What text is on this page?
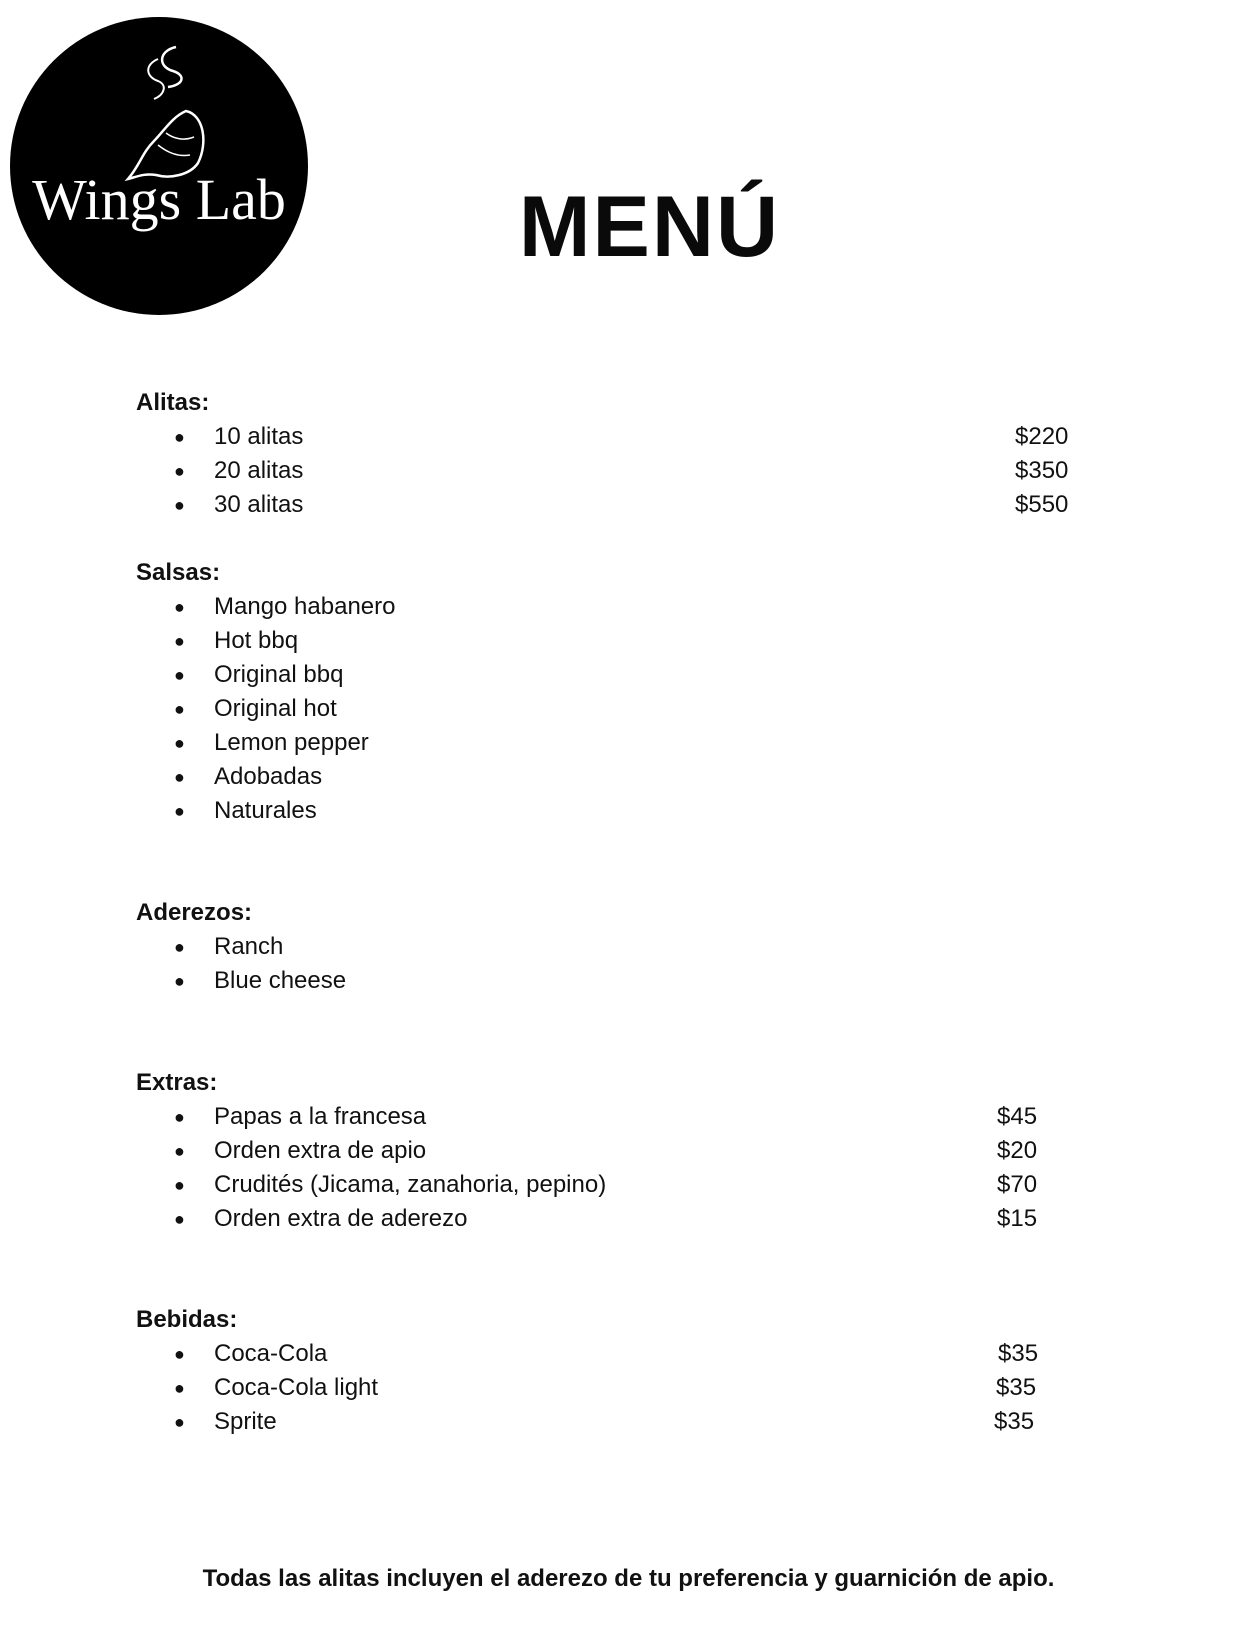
Wings Lab	MENÚ
Alitas:
● 10 alitas	$220
● 20 alitas	$350
● 30 alitas	$550
Salsas:
● Mango habanero
● Hot bbq
● Original bbq
● Original hot
● Lemon pepper
● Adobadas
● Naturales
Aderezos:
● Ranch
● Blue cheese
Extras:
● Papas a la francesa	$45
● Orden extra de apio	$20
● Crudités (Jicama, zanahoria, pepino)	$70
● Orden extra de aderezo	$15
Bebidas:
● Coca-Cola	$35
● Coca-Cola light	$35
● Sprite	$35
Todas las alitas incluyen el aderezo de tu preferencia y guarnición de apio.
